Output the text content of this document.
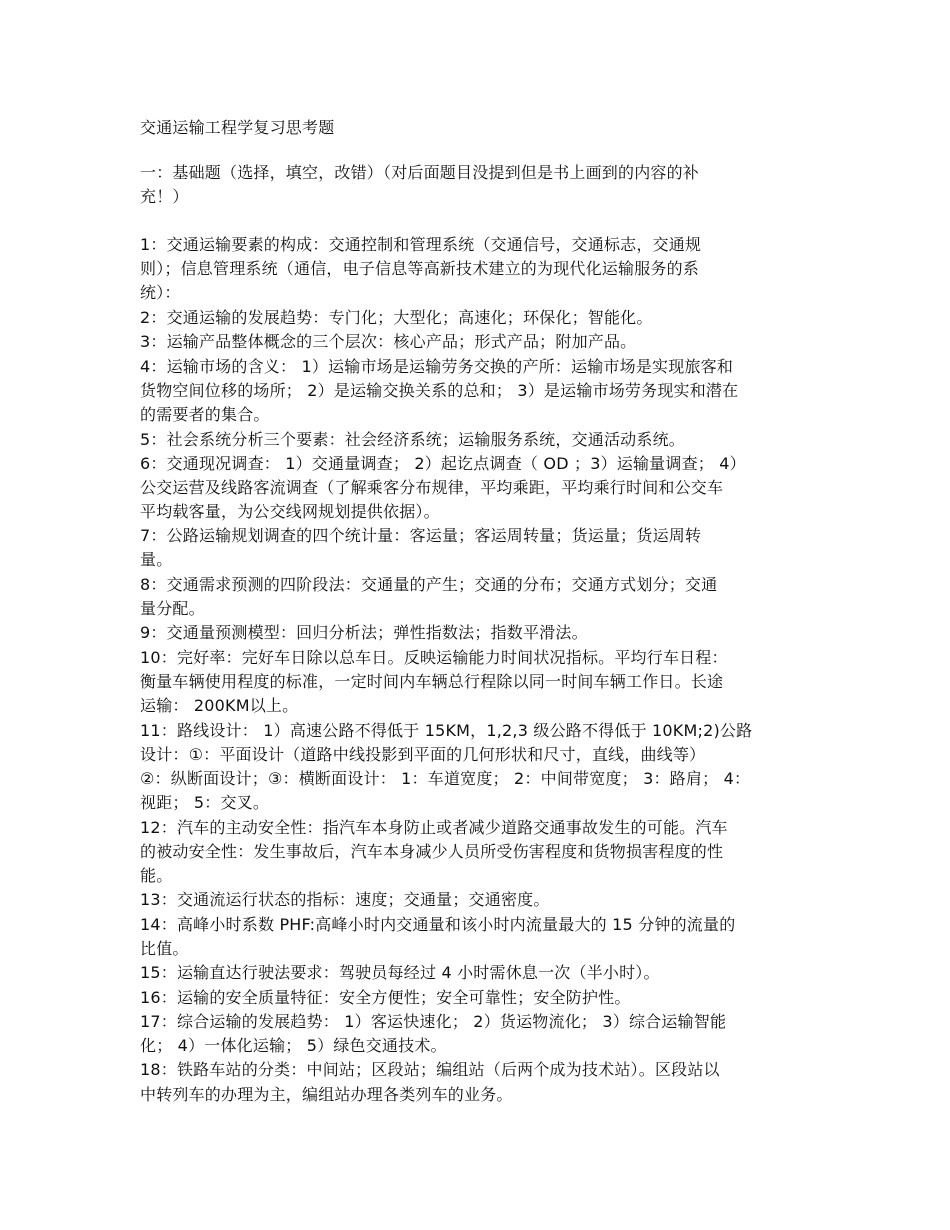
交通运输工程学复习思考题
一：基础题（选择，填空，改错）（对后面题目没提到但是书上画到的内容的补
充！）
1：交通运输要素的构成：交通控制和管理系统（交通信号，交通标志，交通规
则）；信息管理系统（通信，电子信息等高新技术建立的为现代化运输服务的系
统）：
2：交通运输的发展趋势：专门化；大型化；高速化；环保化；智能化。
3：运输产品整体概念的三个层次：核心产品；形式产品；附加产品。
4：运输市场的含义： 1）运输市场是运输劳务交换的产所：运输市场是实现旅客和
货物空间位移的场所； 2）是运输交换关系的总和； 3）是运输市场劳务现实和潜在
的需要者的集合。
5：社会系统分析三个要素：社会经济系统；运输服务系统，交通活动系统。
6：交通现况调查： 1）交通量调查； 2）起讫点调查（ OD ；3）运输量调查； 4）
公交运营及线路客流调查（了解乘客分布规律，平均乘距，平均乘行时间和公交车
平均载客量，为公交线网规划提供依据）。
7：公路运输规划调查的四个统计量：客运量；客运周转量；货运量；货运周转
量。
8：交通需求预测的四阶段法：交通量的产生；交通的分布；交通方式划分；交通
量分配。
9：交通量预测模型：回归分析法；弹性指数法；指数平滑法。
10：完好率：完好车日除以总车日。反映运输能力时间状况指标。平均行车日程：
衡量车辆使用程度的标准，一定时间内车辆总行程除以同一时间车辆工作日。长途
运输： 200KM以上。
11：路线设计： 1）高速公路不得低于 15KM，1,2,3 级公路不得低于 10KM;2)公路
设计：①：平面设计（道路中线投影到平面的几何形状和尺寸，直线，曲线等）
②：纵断面设计；③：横断面设计： 1：车道宽度； 2：中间带宽度； 3：路肩； 4：
视距； 5：交叉。
12：汽车的主动安全性：指汽车本身防止或者减少道路交通事故发生的可能。汽车
的被动安全性：发生事故后，汽车本身减少人员所受伤害程度和货物损害程度的性
能。
13：交通流运行状态的指标：速度；交通量；交通密度。
14：高峰小时系数 PHF:高峰小时内交通量和该小时内流量最大的 15 分钟的流量的
比值。
15：运输直达行驶法要求：驾驶员每经过 4 小时需休息一次（半小时）。
16：运输的安全质量特征：安全方便性；安全可靠性；安全防护性。
17：综合运输的发展趋势： 1）客运快速化； 2）货运物流化； 3）综合运输智能
化； 4）一体化运输； 5）绿色交通技术。
18：铁路车站的分类：中间站；区段站；编组站（后两个成为技术站）。区段站以
中转列车的办理为主，编组站办理各类列车的业务。
